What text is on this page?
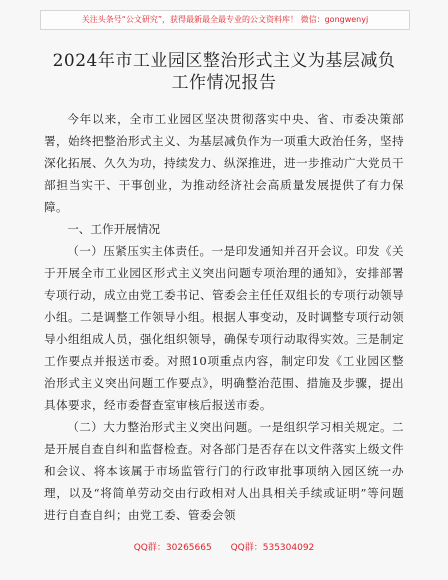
关注头条号“公文研究”，获得最新最全最专业的公文资料库！ 微信：gongwenyj
2024年市工业园区整治形式主义为基层减负工作情况报告

今年以来，全市工业园区坚决贯彻落实中央、省、市委决策部署，始终把整治形式主义、为基层减负作为一项重大政治任务，坚持深化拓展、久久为功，持续发力、纵深推进，进一步推动广大党员干部担当实干、干事创业，为推动经济社会高质量发展提供了有力保障。

一、工作开展情况

（一）压紧压实主体责任。一是印发通知并召开会议。印发《关于开展全市工业园区形式主义突出问题专项治理的通知》，安排部署专项行动，成立由党工委书记、管委会主任任双组长的专项行动领导小组。二是调整工作领导小组。根据人事变动，及时调整专项行动领导小组组成人员，强化组织领导，确保专项行动取得实效。三是制定工作要点并报送市委。对照10项重点内容，制定印发《工业园区整治形式主义突出问题工作要点》，明确整治范围、措施及步骤，提出具体要求，经市委督查室审核后报送市委。

（二）大力整治形式主义突出问题。一是组织学习相关规定。二是开展自查自纠和监督检查。对各部门是否存在以文件落实上级文件和会议、将本该属于市场监管行门的行政审批事项纳入园区统一办理，以及“将简单劳动交由行政相对人出具相关手续或证明”等问题进行自查自纠；由党工委、管委会领

QQ群：30265665 QQ群：535304092
